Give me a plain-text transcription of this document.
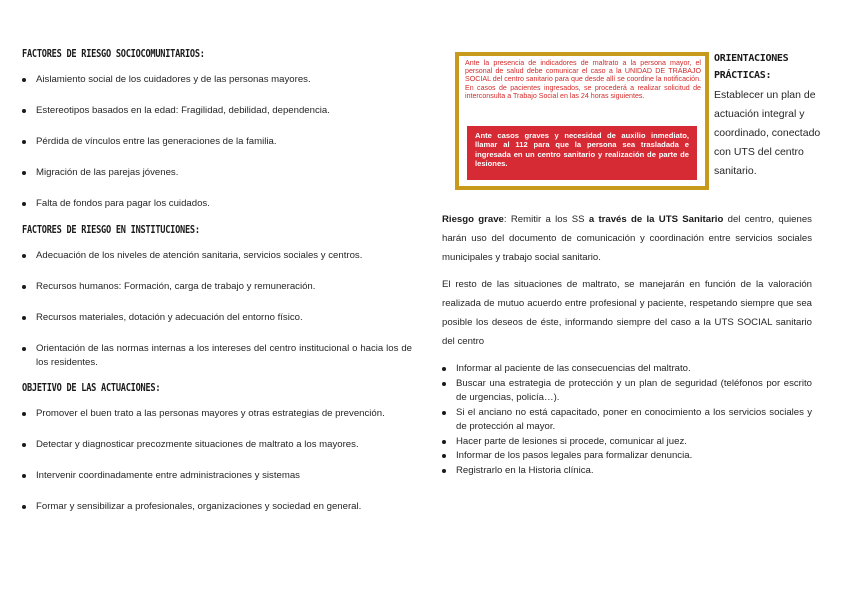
FACTORES DE RIESGO SOCIOCOMUNITARIOS:
Aislamiento social de los cuidadores y de las personas mayores.
Estereotipos basados en la edad: Fragilidad, debilidad, dependencia.
Pérdida de vínculos entre las generaciones de la familia.
Migración de las parejas jóvenes.
Falta de fondos para pagar los cuidados.
FACTORES DE RIESGO EN INSTITUCIONES:
Adecuación de los niveles de atención sanitaria, servicios sociales y centros.
Recursos humanos: Formación, carga de trabajo y remuneración.
Recursos materiales, dotación y adecuación del entorno físico.
Orientación de las normas internas a los intereses del centro institucional o hacia los de los residentes.
OBJETIVO DE LAS ACTUACIONES:
Promover el buen trato a las personas mayores y otras estrategias de prevención.
Detectar y diagnosticar precozmente situaciones de maltrato a los mayores.
Intervenir coordinadamente entre administraciones y sistemas
Formar y sensibilizar a profesionales, organizaciones y sociedad en general.
Ante la presencia de indicadores de maltrato a la persona mayor, el personal de salud debe comunicar el caso a la UNIDAD DE TRABAJO SOCIAL del centro sanitario para que desde allí se coordine la notificación. En casos de pacientes ingresados, se procederá a realizar solicitud de interconsulta a Trabajo Social en las 24 horas siguientes.
Ante casos graves y necesidad de auxilio inmediato, llamar al 112 para que la persona sea trasladada e ingresada en un centro sanitario y realización de parte de lesiones.
ORIENTACIONES PRÁCTICAS:
Establecer un plan de actuación integral y coordinado, conectado con UTS del centro sanitario.

Riesgo grave: Remitir a los SS a través de la UTS Sanitario del centro, quienes harán uso del documento de comunicación y coordinación entre servicios sociales municipales y trabajo social sanitario.

El resto de las situaciones de maltrato, se manejarán en función de la valoración realizada de mutuo acuerdo entre profesional y paciente, respetando siempre que sea posible los deseos de éste, informando siempre del caso a la UTS SOCIAL sanitario del centro

Informar al paciente de las consecuencias del maltrato.
Buscar una estrategia de protección y un plan de seguridad (teléfonos por escrito de urgencias, policía…).
Si el anciano no está capacitado, poner en conocimiento a los servicios sociales y de protección al mayor.
Hacer parte de lesiones si procede, comunicar al juez.
Informar de los pasos legales para formalizar denuncia.
Registrarlo en la Historia clínica.
